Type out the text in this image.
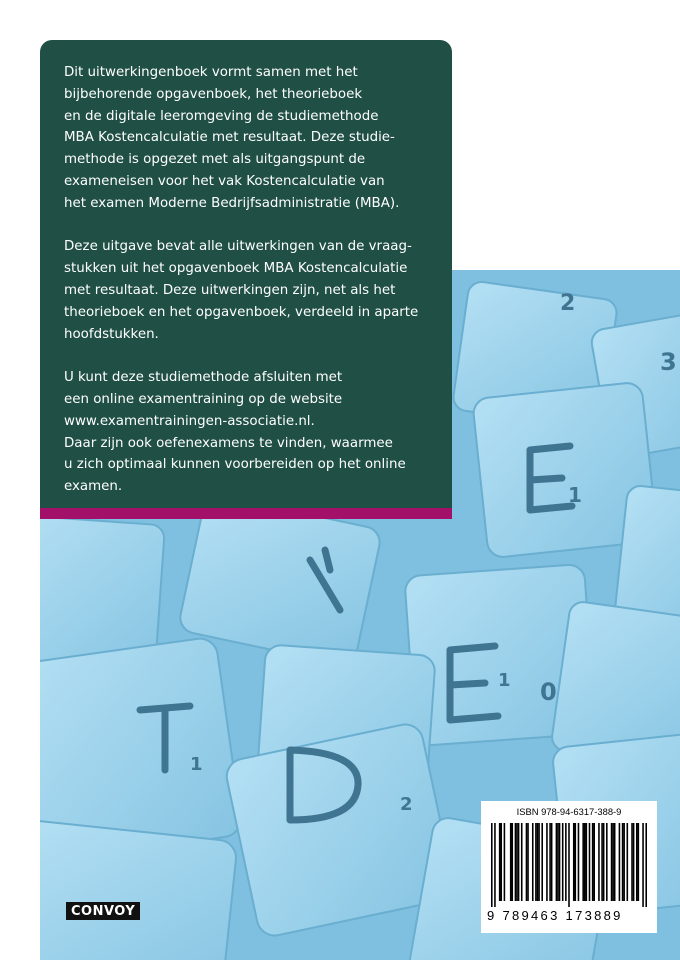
1
1 0
1
2
3
2

Dit uitwerkingenboek vormt samen met het
bijbehorende opgavenboek, het theorieboek
en de digitale leeromgeving de studiemethode
MBA Kostencalculatie met resultaat. Deze studie-
methode is opgezet met als uitgangspunt de
exameneisen voor het vak Kostencalculatie van
het examen Moderne Bedrijfsadministratie (MBA).

Deze uitgave bevat alle uitwerkingen van de vraag-
stukken uit het opgavenboek MBA Kostencalculatie
met resultaat. Deze uitwerkingen zijn, net als het
theorieboek en het opgavenboek, verdeeld in aparte
hoofdstukken.

U kunt deze studiemethode afsluiten met
een online examentraining op de website
www.examentrainingen-associatie.nl.
Daar zijn ook oefenexamens te vinden, waarmee
u zich optimaal kunnen voorbereiden op het online
examen.

CONVOY
ISBN 978-94-6317-388-9
9 789463 173889
